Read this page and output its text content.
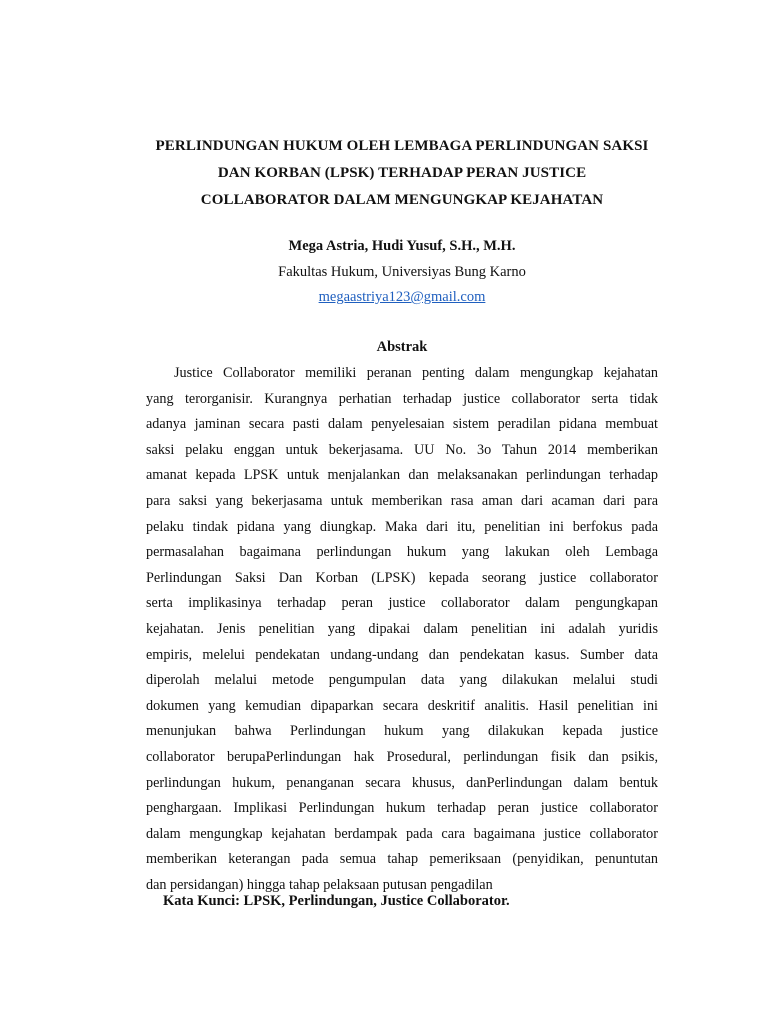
PERLINDUNGAN HUKUM OLEH LEMBAGA PERLINDUNGAN SAKSI
DAN KORBAN (LPSK) TERHADAP PERAN JUSTICE
COLLABORATOR DALAM MENGUNGKAP KEJAHATAN
Mega Astria, Hudi Yusuf, S.H., M.H.
Fakultas Hukum, Universiyas Bung Karno
megaastriya123@gmail.com
Abstrak
Justice Collaborator memiliki peranan penting dalam mengungkap kejahatan
yang terorganisir. Kurangnya perhatian terhadap justice collaborator serta tidak
adanya jaminan secara pasti dalam penyelesaian sistem peradilan pidana membuat
saksi pelaku enggan untuk bekerjasama. UU No. 3o Tahun 2014 memberikan
amanat kepada LPSK untuk menjalankan dan melaksanakan perlindungan terhadap
para saksi yang bekerjasama untuk memberikan rasa aman dari acaman dari para
pelaku tindak pidana yang diungkap. Maka dari itu, penelitian ini berfokus pada
permasalahan bagaimana perlindungan hukum yang lakukan oleh Lembaga
Perlindungan Saksi Dan Korban (LPSK) kepada seorang justice collaborator
serta implikasinya terhadap peran justice collaborator dalam pengungkapan
kejahatan. Jenis penelitian yang dipakai dalam penelitian ini adalah yuridis
empiris, melelui pendekatan undang-undang dan pendekatan kasus. Sumber data
diperolah melalui metode pengumpulan data yang dilakukan melalui studi
dokumen yang kemudian dipaparkan secara deskritif analitis. Hasil penelitian ini
menunjukan bahwa Perlindungan hukum yang dilakukan kepada justice
collaborator berupaPerlindungan hak Prosedural, perlindungan fisik dan psikis,
perlindungan hukum, penanganan secara khusus, danPerlindungan dalam bentuk
penghargaan. Implikasi Perlindungan hukum terhadap peran justice collaborator
dalam mengungkap kejahatan berdampak pada cara bagaimana justice collaborator
memberikan keterangan pada semua tahap pemeriksaan (penyidikan, penuntutan
dan persidangan) hingga tahap pelaksaan putusan pengadilan
Kata Kunci: LPSK, Perlindungan, Justice Collaborator.
